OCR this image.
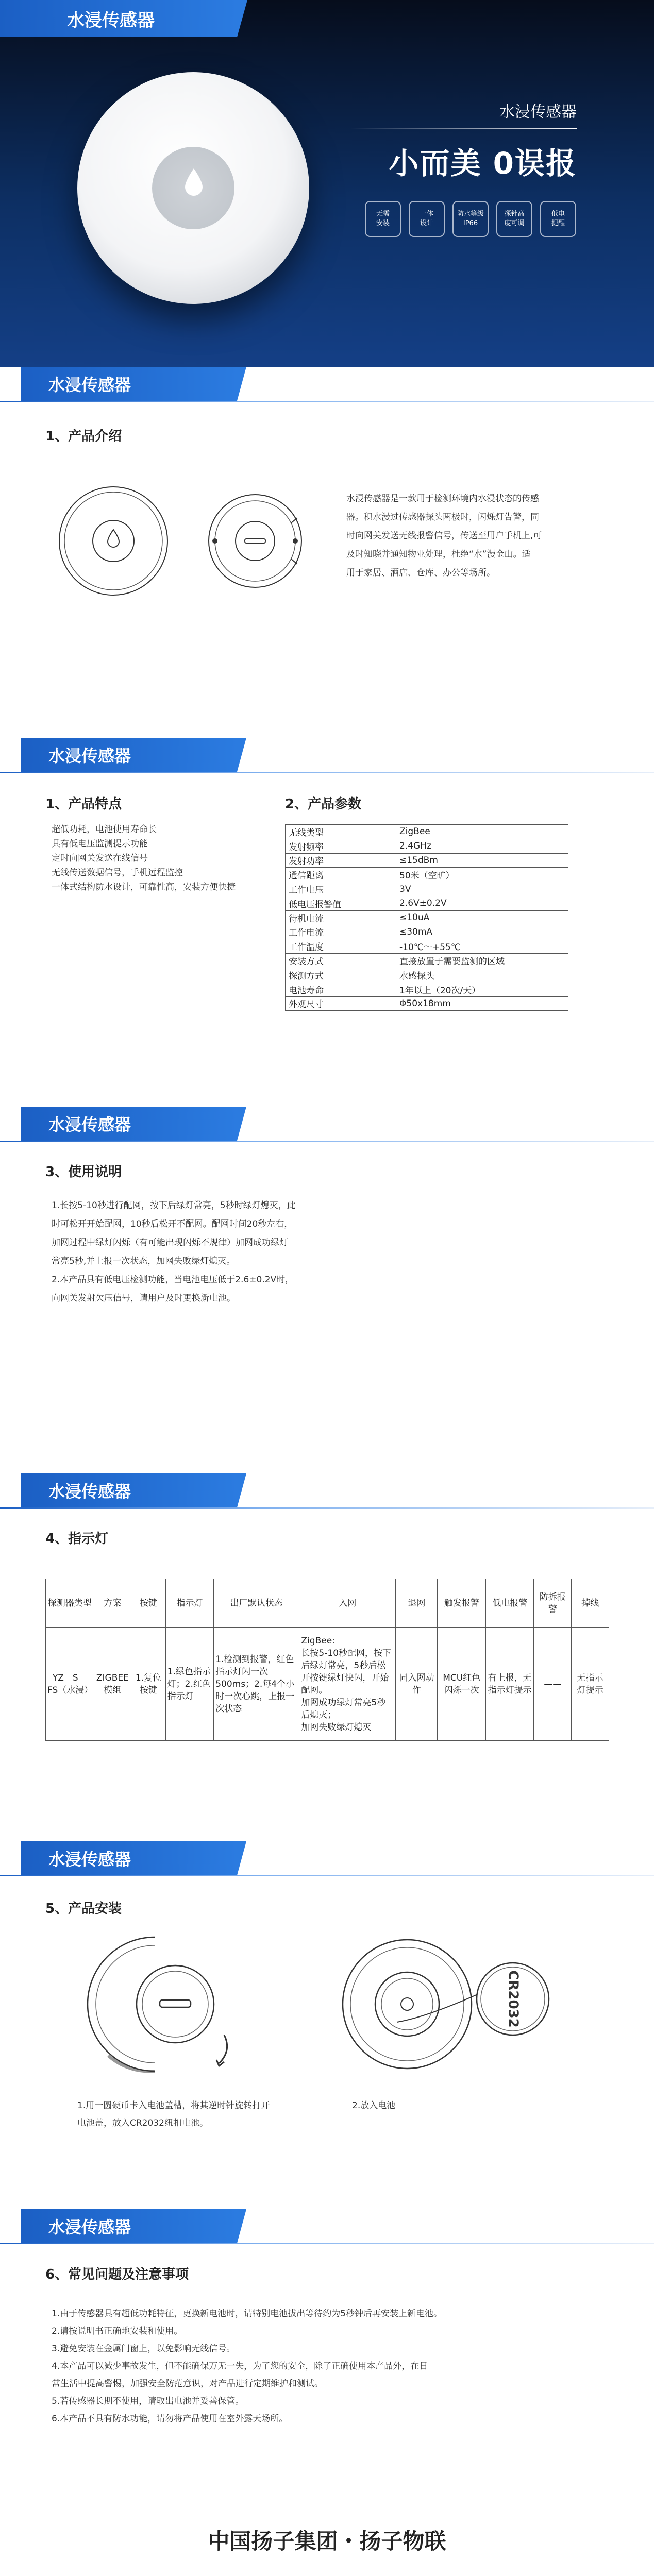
水浸传感器
水浸传感器
小而美 0误报
无需
安装
一体
设计
防水等级
IP66
探针高
度可调
低电
提醒
水浸传感器
1、产品介绍
水浸传感器是一款用于检测环境内水浸状态的传感
器。积水漫过传感器探头两极时，闪烁灯告警，同
时向网关发送无线报警信号，传送至用户手机上,可
及时知晓并通知物业处理，杜绝“水”漫金山。适
用于家居、酒店、仓库、办公等场所。
水浸传感器
1、产品特点	2、产品参数
超低功耗，电池使用寿命长
具有低电压监测提示功能
定时向网关发送在线信号
无线传送数据信号，手机远程监控
一体式结构防水设计，可靠性高，安装方便快捷
无线类型	ZigBee
发射频率	2.4GHz
发射功率	≤15dBm
通信距离	50米（空旷）
工作电压	3V
低电压报警值	2.6V±0.2V
待机电流	≤10uA
工作电流	≤30mA
工作温度	-10℃～+55℃
安装方式	直接放置于需要监测的区域
探测方式	水感探头
电池寿命	1年以上（20次/天）
外观尺寸	Φ50x18mm
水浸传感器
3、使用说明
1.长按5-10秒进行配网，按下后绿灯常亮，5秒时绿灯熄灭，此
时可松开开始配网，10秒后松开不配网。配网时间20秒左右，
加网过程中绿灯闪烁（有可能出现闪烁不规律）加网成功绿灯
常亮5秒,并上报一次状态，加网失败绿灯熄灭。
2.本产品具有低电压检测功能，当电池电压低于2.6±0.2V时，
向网关发射欠压信号，请用户及时更换新电池。
水浸传感器
4、指示灯
探测器类型	方案	按键	指示灯	出厂默认状态	入网	退网	触发报警	低电报警	防拆报警	掉线
YZ－S－FS（水浸）	ZIGBEE模组	1.复位按键	1.绿色指示灯；2.红色指示灯	1.检测到报警，红色指示灯闪一次500ms；2.每4个小时一次心跳，上报一次状态	ZigBee:
长按5-10秒配网，按下后绿灯常亮，5秒后松开按键绿灯快闪，开始配网。
加网成功绿灯常亮5秒后熄灭；
加网失败绿灯熄灭	同入网动作	MCU红色闪烁一次	有上报，无指示灯提示	——	无指示灯提示
水浸传感器
5、产品安装
CR2032
1.用一圆硬币卡入电池盖槽，将其逆时针旋转打开
电池盖，放入CR2032纽扣电池。
2.放入电池
水浸传感器
6、常见问题及注意事项
1.由于传感器具有超低功耗特征，更换新电池时，请特别电池拔出等待约为5秒钟后再安装上新电池。
2.请按说明书正确地安装和使用。
3.避免安装在金属门窗上，以免影响无线信号。
4.本产品可以减少事故发生，但不能确保万无一失，为了您的安全，除了正确使用本产品外，在日
常生活中提高警惕，加强安全防范意识，对产品进行定期维护和测试。
5.若传感器长期不使用，请取出电池并妥善保管。
6.本产品不具有防水功能，请勿将产品使用在室外露天场所。
中国扬子集团・扬子物联
